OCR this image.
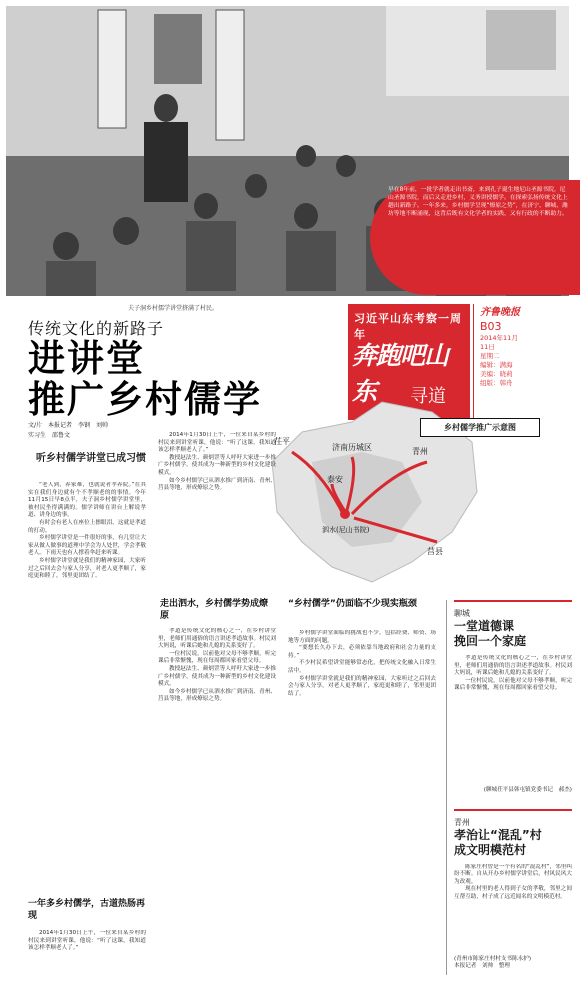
早在8年前，一批学者就走出书斋，来到孔子诞生地尼山圣源书院，尼山圣源书院，而后又走进乡村，义务讲授儒学。在探索弘扬传统文化上趟出新路子。一年多来，乡村儒学呈现“燎原之势”，在济宁、聊城、潍坊等地不断涌现，这背后既有文化学者的实践，又有行政的不断助力。
夫子洞乡村儒学讲堂挤满了村民。
习近平山东考察一周年
奔跑吧山东	寻道
齐鲁晚报
B03
2014年11月11日
星期二
编辑：满海
美编：晓莉
组版：韩舟
传统文化的新路子
进讲堂
推广乡村儒学
文/片　本报记者　李钢　刘帅
实习生　邵鲁文
听乡村儒学讲堂已成习惯
茌平
济南历城区	青州
泰安
泗水(尼山书院)
莒县
乡村儒学推广示意图

“老人到，养家难，也就说者孝养院。”在其实在我们身边就有个不孝顺老的的事情。今年11月15日早8点半，夫子洞乡村儒学讲堂里，被村民坐得满满的。儒学讲师在讲台上解说孝道、讲身边的事。

有时会有老人在座位上擦眼泪，这就是孝道的打动。

乡村儒学讲堂是一件很好的事，有几堂让大家从做人做事的道理中学会为人处世，学会孝敬老人。下雨天也有人撑着伞赶来听课。

乡村儒学讲堂就是我们的精神家园，大家听过之后回去会与家人分享，对老人更孝顺了，家庭更和睦了，邻里更团结了。

一年多乡村儒学，古道热肠再现

2014年1月30日上午，一位来自某乡村的村民来到讲堂听课，他说：“听了这课，我知道该怎样孝顺老人了。”

2014年1月30日上午，一位来自某乡村的村民来到讲堂听课，他说：“听了这课，我知道该怎样孝顺老人了。”

教授赵法生、颜炳罡等人呼吁大家进一步推广乡村儒学，使其成为一种新型的乡村文化建设模式。

如今乡村儒学已从泗水推广到济南、青州、莒县等地，形成燎原之势。

走出泗水，乡村儒学势成燎原

孝道是传统文化的核心之一，在乡村讲堂里，老师们用通俗的语言讲述孝道故事。村民刘大妈说，听课后她和儿媳的关系变好了。

一位村民说，以前他对父母不够孝顺，听完课后非常惭愧，现在每周都回家看望父母。

教授赵法生、颜炳罡等人呼吁大家进一步推广乡村儒学，使其成为一种新型的乡村文化建设模式。

如今乡村儒学已从泗水推广到济南、青州、莒县等地，形成燎原之势。

“乡村儒学”仍面临不少现实瓶颈

乡村儒学讲堂面临的挑战也不少，包括经费、师资、场地等方面的问题。

“要想长久办下去，必须依靠当地政府和社会力量的支持。”

不少村民希望讲堂能够常态化，把传统文化融入日常生活中。

乡村儒学讲堂就是我们的精神家园，大家听过之后回去会与家人分享，对老人更孝顺了，家庭更和睦了，邻里更团结了。

聊城
一堂道德课
挽回一个家庭

孝道是传统文化的核心之一，在乡村讲堂里，老师们用通俗的语言讲述孝道故事。村民刘大妈说，听课后她和儿媳的关系变好了。

一位村民说，以前他对父母不够孝顺，听完课后非常惭愧，现在每周都回家看望父母。

(聊城茌平县韩屯镇党委书记　郝杰)
青州
孝治让“混乱”村
成文明模范村

陈家庄村曾是一个有名的“混乱村”，邻里纠纷不断。自从开办乡村儒学讲堂后，村风民风大为改观。

现在村里的老人得到子女的孝敬，邻里之间互帮互助，村子成了远近闻名的文明模范村。

(青州市陈家庄村村支书陈永护)
本报记者　刘帅　整理
